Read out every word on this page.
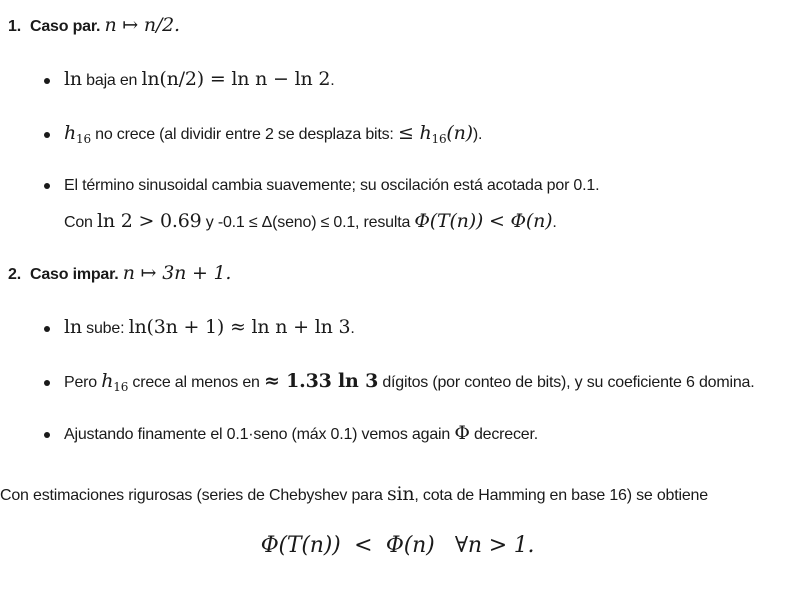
1. Caso par. n ↦ n/2.
ln baja en ln(n/2) = ln n − ln 2.
$h_{16}$ no crece (al dividir entre 2 se desplaza bits: ≤ $h_{16}(n)$).
El término sinusoidal cambia suavemente; su oscilación está acotada por 0.1.
Con ln 2 > 0.69 y -0.1 ≤ Δ(seno) ≤ 0.1, resulta Φ(T(n)) < Φ(n).
2. Caso impar. n ↦ 3n + 1.
ln sube: ln(3n + 1) ≈ ln n + ln 3.
Pero $h_{16}$ crece al menos en ≈ 1.33 ln 3 dígitos (por conteo de bits), y su coeficiente 6 domina.
Ajustando finamente el 0.1·seno (máx 0.1) vemos again Φ decrecer.
Con estimaciones rigurosas (series de Chebyshev para sin, cota de Hamming en base 16) se obtiene
Φ(T(n))  <  Φ(n)   ∀n > 1.
